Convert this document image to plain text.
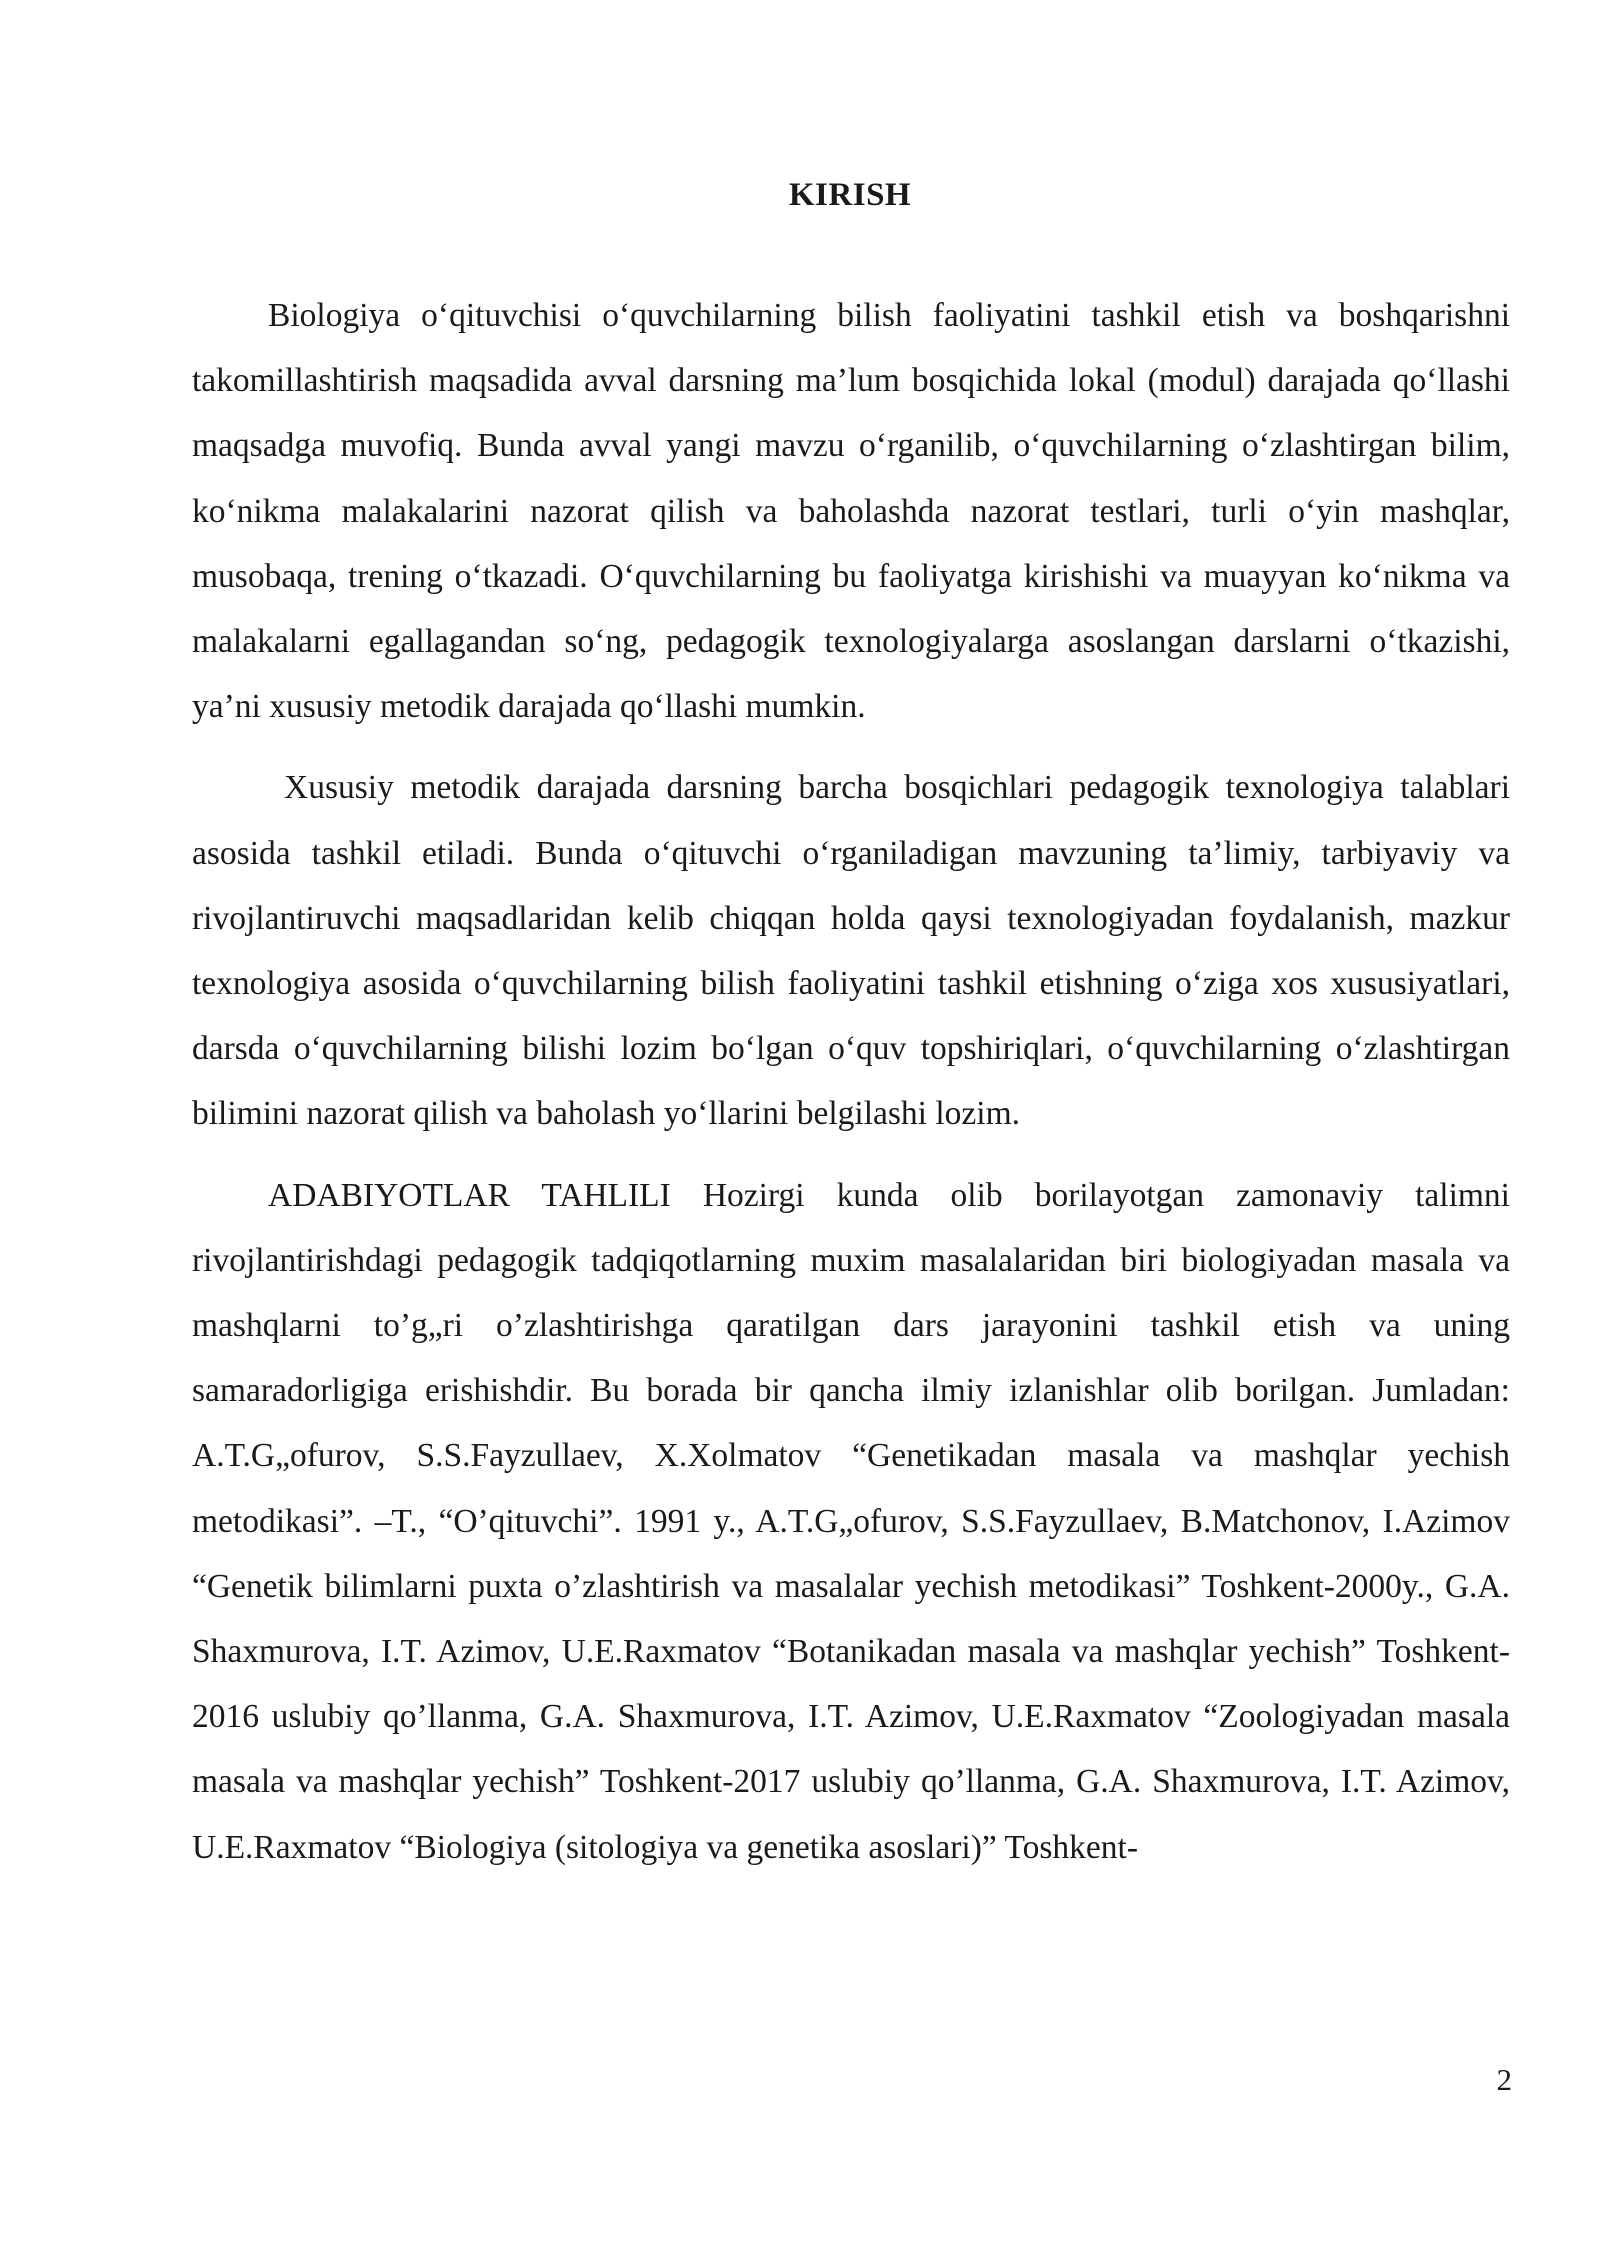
KIRISH

Biologiya o‘qituvchisi o‘quvchilarning bilish faoliyatini tashkil etish va boshqarishni takomillashtirish maqsadida avval darsning ma’lum bosqichida lokal (modul) darajada qo‘llashi maqsadga muvofiq. Bunda avval yangi mavzu o‘rganilib, o‘quvchilarning o‘zlashtirgan bilim, ko‘nikma malakalarini nazorat qilish va baholashda nazorat testlari, turli o‘yin mashqlar, musobaqa, trening o‘tkazadi. O‘quvchilarning bu faoliyatga kirishishi va muayyan ko‘nikma va malakalarni egallagandan so‘ng, pedagogik texnologiyalarga asoslangan darslarni o‘tkazishi, ya’ni xususiy metodik darajada qo‘llashi mumkin.

Xususiy metodik darajada darsning barcha bosqichlari pedagogik texnologiya talablari asosida tashkil etiladi. Bunda o‘qituvchi o‘rganiladigan mavzuning ta’limiy, tarbiyaviy va rivojlantiruvchi maqsadlaridan kelib chiqqan holda qaysi texnologiyadan foydalanish, mazkur texnologiya asosida o‘quvchilarning bilish faoliyatini tashkil etishning o‘ziga xos xususiyatlari, darsda o‘quvchilarning bilishi lozim bo‘lgan o‘quv topshiriqlari, o‘quvchilarning o‘zlashtirgan bilimini nazorat qilish va baholash yo‘llarini belgilashi lozim.

ADABIYOTLAR TAHLILI Hozirgi kunda olib borilayotgan zamonaviy talimni rivojlantirishdagi pedagogik tadqiqotlarning muxim masalalaridan biri biologiyadan masala va mashqlarni to’g„ri o’zlashtirishga qaratilgan dars jarayonini tashkil etish va uning samaradorligiga erishishdir. Bu borada bir qancha ilmiy izlanishlar olib borilgan. Jumladan: A.T.G„ofurov, S.S.Fayzullaev, X.Xolmatov “Genetikadan masala va mashqlar yechish metodikasi”. –T., “O’qituvchi”. 1991 y., A.T.G„ofurov, S.S.Fayzullaev, B.Matchonov, I.Azimov “Genetik bilimlarni puxta o’zlashtirish va masalalar yechish metodikasi” Toshkent-2000y., G.A. Shaxmurova, I.T. Azimov, U.E.Raxmatov “Botanikadan masala va mashqlar yechish” Toshkent-2016 uslubiy qo’llanma, G.A. Shaxmurova, I.T. Azimov, U.E.Raxmatov “Zoologiyadan masala masala va mashqlar yechish” Toshkent-2017 uslubiy qo’llanma, G.A. Shaxmurova, I.T. Azimov, U.E.Raxmatov “Biologiya (sitologiya va genetika asoslari)” Toshkent-

2
